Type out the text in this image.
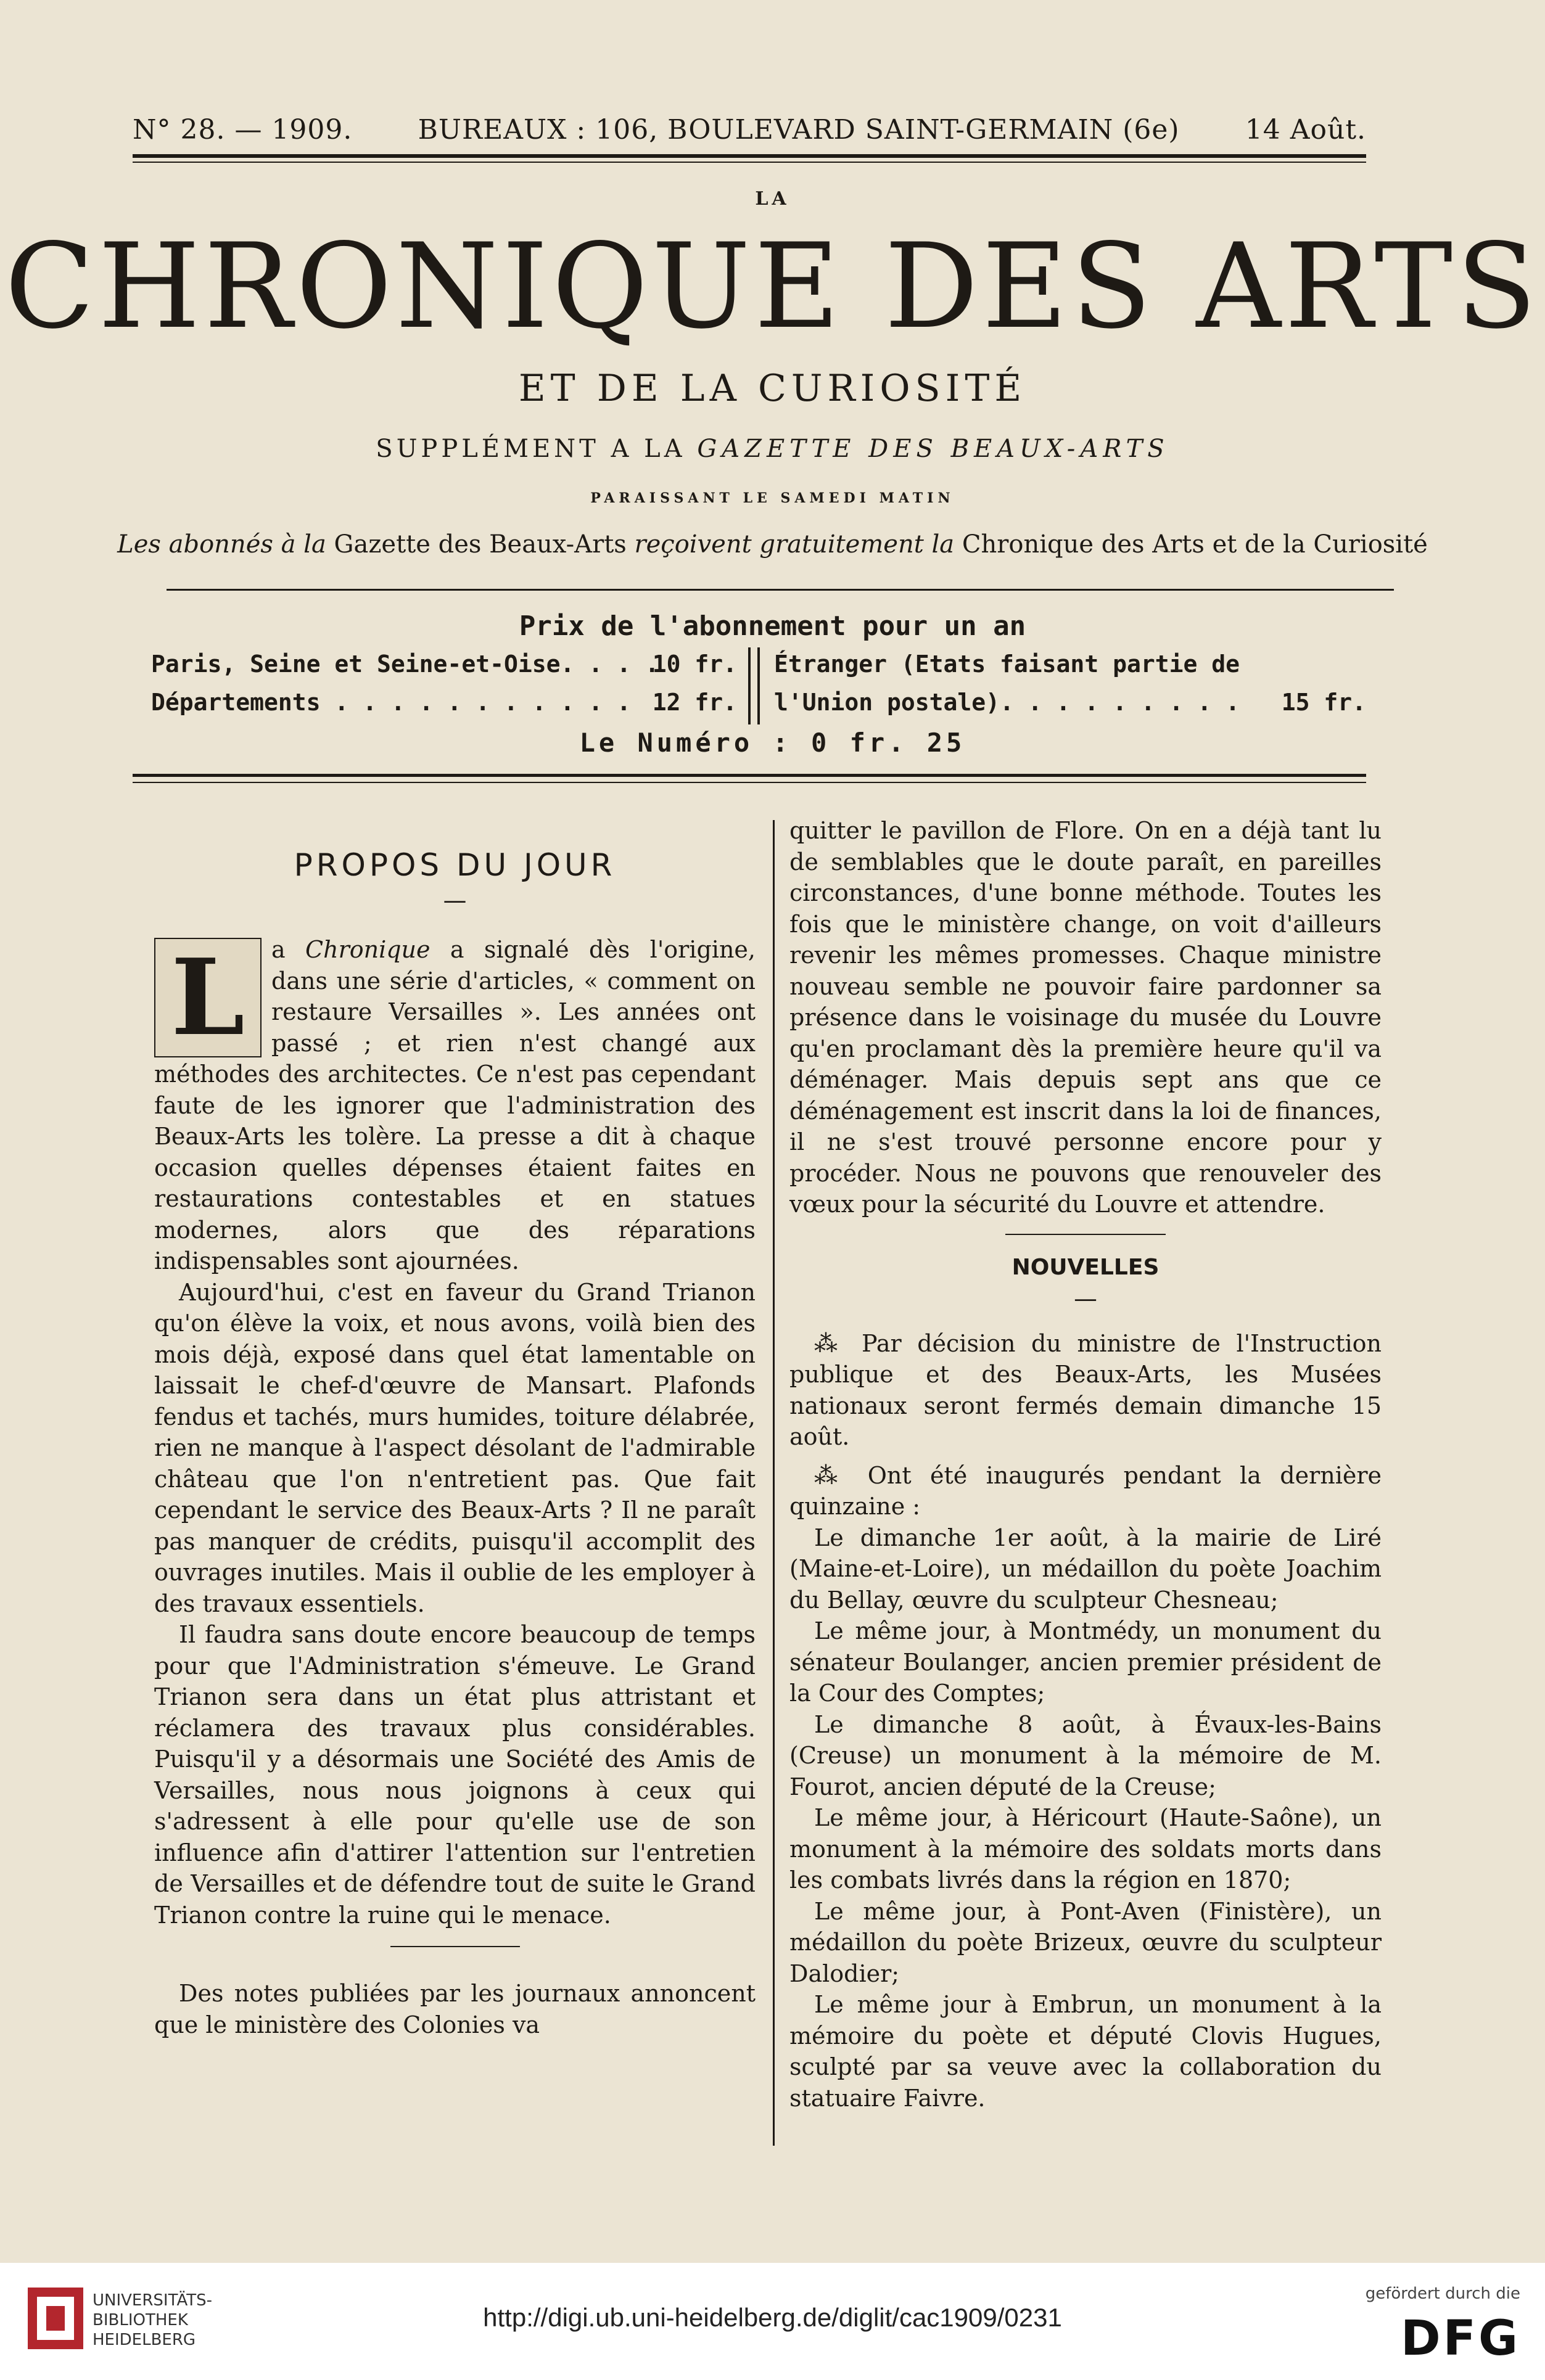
N° 28. — 1909. BUREAUX : 106, BOULEVARD SAINT-GERMAIN (6e) 14 Août.
LA
CHRONIQUE DES ARTS
ET DE LA CURIOSITÉ
SUPPLÉMENT A LA GAZETTE DES BEAUX-ARTS
PARAISSANT LE SAMEDI MATIN
Les abonnés à la Gazette des Beaux-Arts reçoivent gratuitement la Chronique des Arts et de la Curiosité
Prix de l'abonnement pour un an
Paris, Seine et Seine-et-Oise. . . .
10 fr.
Départements . . . . . . . . . . . 12 fr.
Étranger (Etats faisant partie de
l'Union postale). . . . . . . . . 15 fr.
Le Numéro : 0 fr. 25
PROPOS DU JOUR
—

L	a Chronique a signalé dès l'origine, dans une série d'articles, « comment on restaure Versailles ». Les années ont passé ; et rien n'est changé aux méthodes des architectes. Ce n'est pas cependant faute de les ignorer que l'administration des Beaux-Arts les tolère. La presse a dit à chaque occasion quelles dépenses étaient faites en restaurations contestables et en statues modernes, alors que des réparations indispensables sont ajournées.

Aujourd'hui, c'est en faveur du Grand Trianon qu'on élève la voix, et nous avons, voilà bien des mois déjà, exposé dans quel état lamentable on laissait le chef-d'œuvre de Mansart. Plafonds fendus et tachés, murs humides, toiture délabrée, rien ne manque à l'aspect désolant de l'admirable château que l'on n'entretient pas. Que fait cependant le service des Beaux-Arts ? Il ne paraît pas manquer de crédits, puisqu'il accomplit des ouvrages inutiles. Mais il oublie de les employer à des travaux essentiels.

Il faudra sans doute encore beaucoup de temps pour que l'Administration s'émeuve. Le Grand Trianon sera dans un état plus attristant et réclamera des travaux plus considérables. Puisqu'il y a désormais une Société des Amis de Versailles, nous nous joignons à ceux qui s'adressent à elle pour qu'elle use de son influence afin d'attirer l'attention sur l'entretien de Versailles et de défendre tout de suite le Grand Trianon contre la ruine qui le menace.

Des notes publiées par les journaux annoncent que le ministère des Colonies va

quitter le pavillon de Flore. On en a déjà tant lu de semblables que le doute paraît, en pareilles circonstances, d'une bonne méthode. Toutes les fois que le ministère change, on voit d'ailleurs revenir les mêmes promesses. Chaque ministre nouveau semble ne pouvoir faire pardonner sa présence dans le voisinage du musée du Louvre qu'en proclamant dès la première heure qu'il va déménager. Mais depuis sept ans que ce déménagement est inscrit dans la loi de finances, il ne s'est trouvé personne encore pour y procéder. Nous ne pouvons que renouveler des vœux pour la sécurité du Louvre et attendre.

NOUVELLES
—

⁂ Par décision du ministre de l'Instruction publique et des Beaux-Arts, les Musées nationaux seront fermés demain dimanche 15 août.

⁂ Ont été inaugurés pendant la dernière quinzaine :

Le dimanche 1er août, à la mairie de Liré (Maine-et-Loire), un médaillon du poète Joachim du Bellay, œuvre du sculpteur Chesneau;

Le même jour, à Montmédy, un monument du sénateur Boulanger, ancien premier président de la Cour des Comptes;

Le dimanche 8 août, à Évaux-les-Bains (Creuse) un monument à la mémoire de M. Fourot, ancien député de la Creuse;

Le même jour, à Héricourt (Haute-Saône), un monument à la mémoire des soldats morts dans les combats livrés dans la région en 1870;

Le même jour, à Pont-Aven (Finistère), un médaillon du poète Brizeux, œuvre du sculpteur Dalodier;

Le même jour à Embrun, un monument à la mémoire du poète et député Clovis Hugues, sculpté par sa veuve avec la collaboration du statuaire Faivre.

UNIVERSITÄTS-
BIBLIOTHEK
HEIDELBERG
http://digi.ub.uni-heidelberg.de/diglit/cac1909/0231
gefördert durch die
DFG
